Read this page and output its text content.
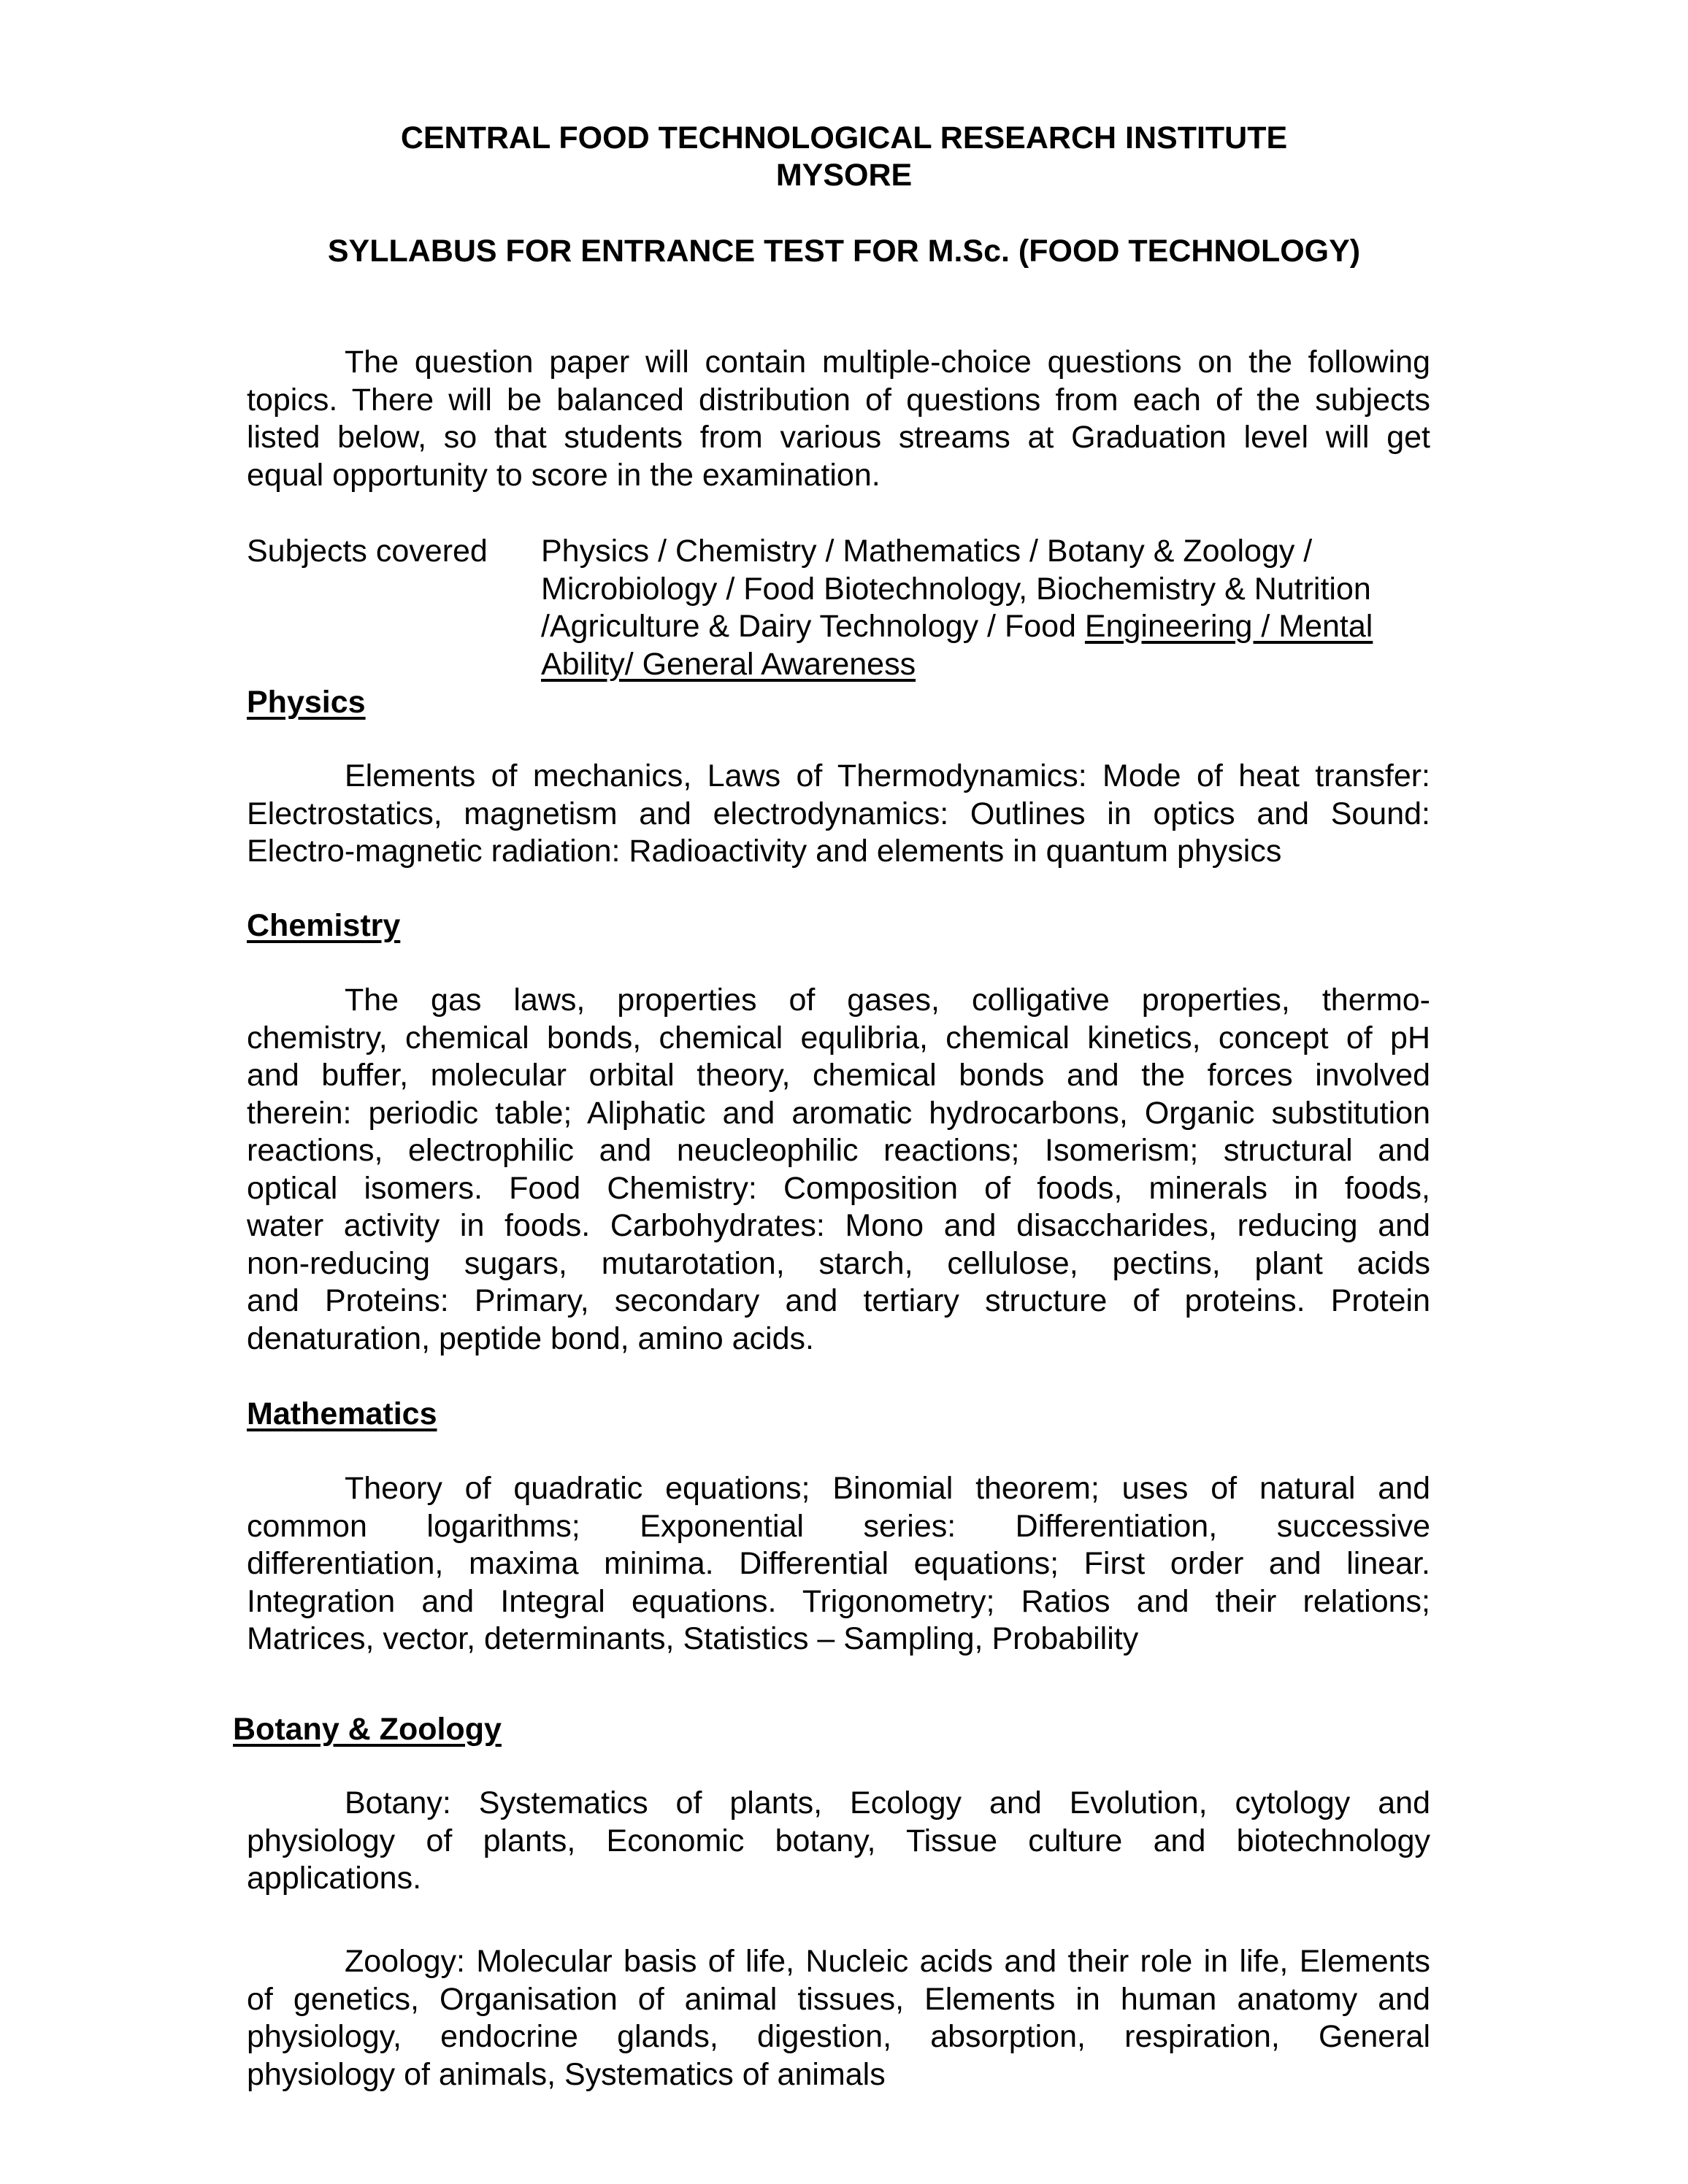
CENTRAL FOOD TECHNOLOGICAL RESEARCH INSTITUTE
MYSORE
SYLLABUS FOR ENTRANCE TEST FOR M.Sc. (FOOD TECHNOLOGY)
The question paper will contain multiple-choice questions on the following
topics. There will be balanced distribution of questions from each of the subjects
listed below, so that students from various streams at Graduation level will get
equal opportunity to score in the examination.
Subjects covered	Physics / Chemistry / Mathematics / Botany & Zoology /
Microbiology / Food Biotechnology, Biochemistry & Nutrition
/Agriculture & Dairy Technology / Food Engineering / Mental
Ability/ General Awareness
Physics
Elements of mechanics, Laws of Thermodynamics: Mode of heat transfer:
Electrostatics, magnetism and electrodynamics: Outlines in optics and Sound:
Electro-magnetic radiation: Radioactivity and elements in quantum physics
Chemistry
The gas laws, properties of gases, colligative properties, thermo-
chemistry, chemical bonds, chemical equlibria, chemical kinetics, concept of pH
and buffer, molecular orbital theory, chemical bonds and the forces involved
therein: periodic table; Aliphatic and aromatic hydrocarbons, Organic substitution
reactions, electrophilic and neucleophilic reactions; Isomerism; structural and
optical isomers. Food Chemistry: Composition of foods, minerals in foods,
water activity in foods. Carbohydrates: Mono and disaccharides, reducing and
non-reducing sugars, mutarotation, starch, cellulose, pectins, plant acids
and Proteins: Primary, secondary and tertiary structure of proteins. Protein
denaturation, peptide bond, amino acids.
Mathematics
Theory of quadratic equations; Binomial theorem; uses of natural and
common logarithms; Exponential series: Differentiation, successive
differentiation, maxima minima. Differential equations; First order and linear.
Integration and Integral equations. Trigonometry; Ratios and their relations;
Matrices, vector, determinants, Statistics – Sampling, Probability
Botany & Zoology
Botany: Systematics of plants, Ecology and Evolution, cytology and
physiology of plants, Economic botany, Tissue culture and biotechnology
applications.
Zoology: Molecular basis of life, Nucleic acids and their role in life, Elements
of genetics, Organisation of animal tissues, Elements in human anatomy and
physiology, endocrine glands, digestion, absorption, respiration, General
physiology of animals, Systematics of animals
